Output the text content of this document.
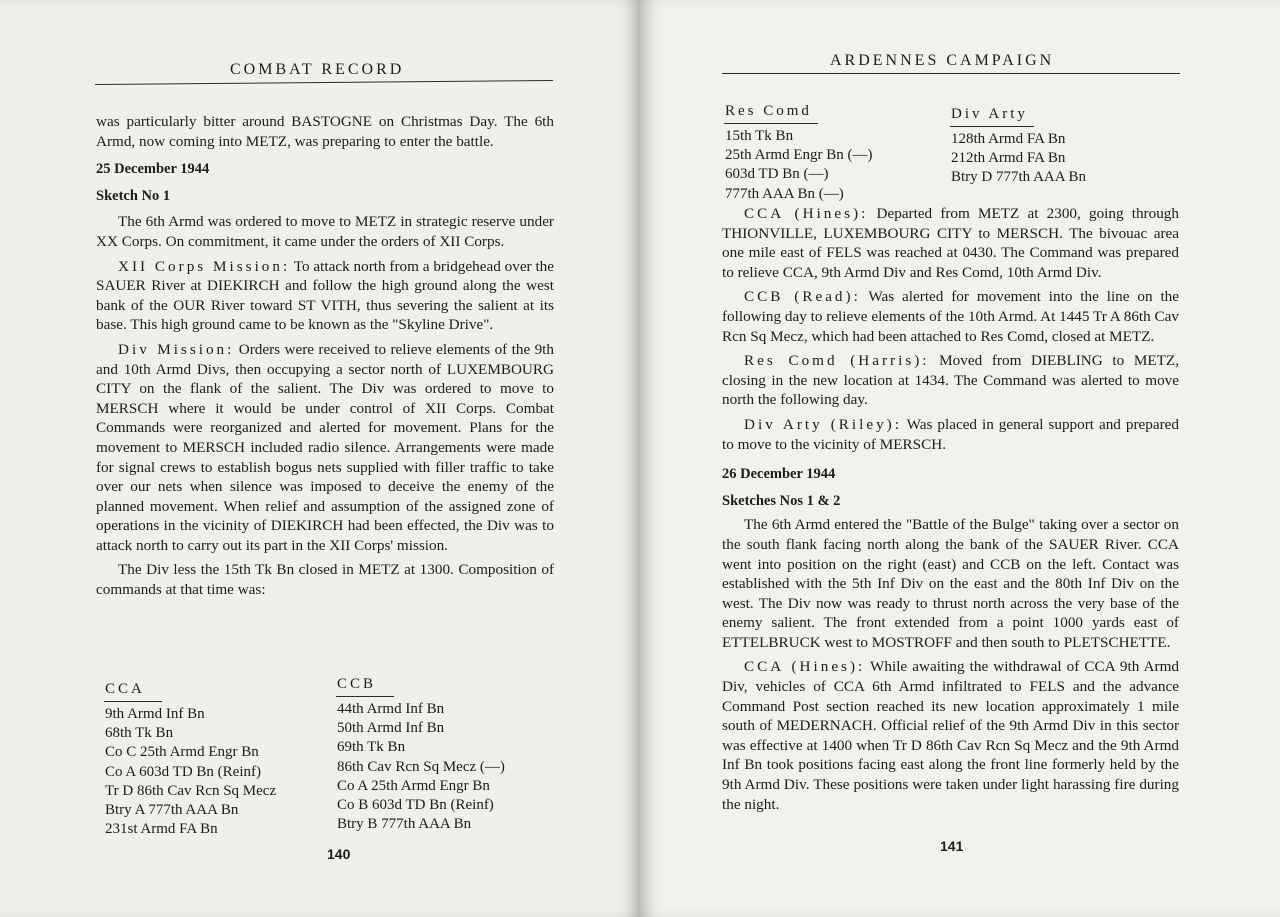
COMBAT RECORD

was particularly bitter around BASTOGNE on Christmas Day. The 6th Armd, now coming into METZ, was preparing to enter the battle.

25 December 1944

Sketch No 1

The 6th Armd was ordered to move to METZ in strategic reserve under XX Corps. On commitment, it came under the orders of XII Corps.

XII Corps Mission: To attack north from a bridgehead over the SAUER River at DIEKIRCH and follow the high ground along the west bank of the OUR River toward ST VITH, thus severing the salient at its base. This high ground came to be known as the "Skyline Drive".

Div Mission: Orders were received to relieve elements of the 9th and 10th Armd Divs, then occupying a sector north of LUXEMBOURG CITY on the flank of the salient. The Div was ordered to move to MERSCH where it would be under control of XII Corps. Combat Commands were reorganized and alerted for movement. Plans for the movement to MERSCH included radio silence. Arrangements were made for signal crews to establish bogus nets supplied with filler traffic to take over our nets when silence was imposed to deceive the enemy of the planned movement. When relief and assumption of the assigned zone of operations in the vicinity of DIEKIRCH had been effected, the Div was to attack north to carry out its part in the XII Corps' mission.

The Div less the 15th Tk Bn closed in METZ at 1300. Composition of commands at that time was:

CCA
9th Armd Inf Bn
68th Tk Bn
Co C 25th Armd Engr Bn
Co A 603d TD Bn (Reinf)
Tr D 86th Cav Rcn Sq Mecz
Btry A 777th AAA Bn
231st Armd FA Bn
CCB
44th Armd Inf Bn
50th Armd Inf Bn
69th Tk Bn
86th Cav Rcn Sq Mecz (—)
Co A 25th Armd Engr Bn
Co B 603d TD Bn (Reinf)
Btry B 777th AAA Bn
140
ARDENNES CAMPAIGN
Res Comd
15th Tk Bn
25th Armd Engr Bn (—)
603d TD Bn (—)
777th AAA Bn (—)
Div Arty
128th Armd FA Bn
212th Armd FA Bn
Btry D 777th AAA Bn

CCA (Hines): Departed from METZ at 2300, going through THIONVILLE, LUXEMBOURG CITY to MERSCH. The bivouac area one mile east of FELS was reached at 0430. The Command was prepared to relieve CCA, 9th Armd Div and Res Comd, 10th Armd Div.

CCB (Read): Was alerted for movement into the line on the following day to relieve elements of the 10th Armd. At 1445 Tr A 86th Cav Rcn Sq Mecz, which had been attached to Res Comd, closed at METZ.

Res Comd (Harris): Moved from DIEBLING to METZ, closing in the new location at 1434. The Command was alerted to move north the following day.

Div Arty (Riley): Was placed in general support and prepared to move to the vicinity of MERSCH.

26 December 1944

Sketches Nos 1 & 2

The 6th Armd entered the "Battle of the Bulge" taking over a sector on the south flank facing north along the bank of the SAUER River. CCA went into position on the right (east) and CCB on the left. Contact was established with the 5th Inf Div on the east and the 80th Inf Div on the west. The Div now was ready to thrust north across the very base of the enemy salient. The front extended from a point 1000 yards east of ETTELBRUCK west to MOSTROFF and then south to PLETSCHETTE.

CCA (Hines): While awaiting the withdrawal of CCA 9th Armd Div, vehicles of CCA 6th Armd infiltrated to FELS and the advance Command Post section reached its new location approximately 1 mile south of MEDERNACH. Official relief of the 9th Armd Div in this sector was effective at 1400 when Tr D 86th Cav Rcn Sq Mecz and the 9th Armd Inf Bn took positions facing east along the front line formerly held by the 9th Armd Div. These positions were taken under light harassing fire during the night.

141
